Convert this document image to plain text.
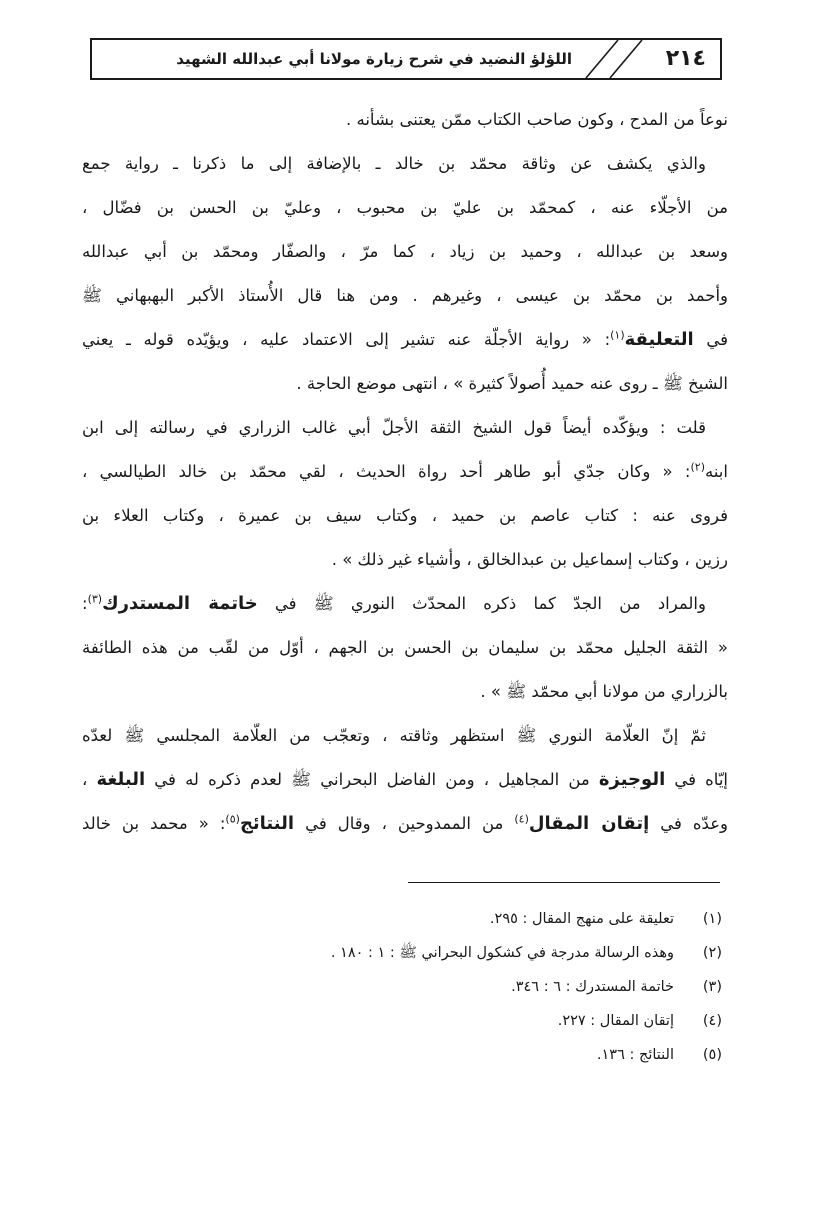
٢١٤
اللؤلؤ النضيد في شرح زيارة مولانا أبي عبدالله الشهيد
نوعاً من المدح ، وكون صاحب الكتاب ممّن يعتنى بشأنه .
والذي يكشف عن وثاقة محمّد بن خالد ـ بالإضافة إلى ما ذكرنا ـ رواية جمع
من الأجلّاء عنه ، كمحمّد بن عليّ بن محبوب ، وعليّ بن الحسن بن فضّال ،
وسعد بن عبدالله ، وحميد بن زياد ، كما مرّ ، والصفّار ومحمّد بن أبي عبدالله
وأحمد بن محمّد بن عيسى ، وغيرهم . ومن هنا قال الأُستاذ الأكبر البهبهاني ﷺ
في التعليقة$^{(١)}$: « رواية الأجلّة عنه تشير إلى الاعتماد عليه ، ويؤيّده قوله ـ يعني
الشيخ ﷺ ـ روى عنه حميد أُصولاً كثيرة » ، انتهى موضع الحاجة .
قلت : ويؤكّده أيضاً قول الشيخ الثقة الأجلّ أبي غالب الزراري في رسالته إلى ابن
ابنه$^{(٢)}$: « وكان جدّي أبو طاهر أحد رواة الحديث ، لقي محمّد بن خالد الطيالسي ،
فروى عنه : كتاب عاصم بن حميد ، وكتاب سيف بن عميرة ، وكتاب العلاء بن
رزين ، وكتاب إسماعيل بن عبدالخالق ، وأشياء غير ذلك » .
والمراد من الجدّ كما ذكره المحدّث النوري ﷺ في خاتمة المستدرك$^{(٣)}$:
« الثقة الجليل محمّد بن سليمان بن الحسن بن الجهم ، أوّل من لقّب من هذه الطائفة
بالزراري من مولانا أبي محمّد ﷺ » .
ثمّ إنّ العلّامة النوري ﷺ استظهر وثاقته ، وتعجّب من العلّامة المجلسي ﷺ لعدّه
إيّاه في الوجيزة من المجاهيل ، ومن الفاضل البحراني ﷺ لعدم ذكره له في البلغة ،
وعدّه في إتقان المقال$^{(٤)}$ من الممدوحين ، وقال في النتائج$^{(٥)}$: « محمد بن خالد
(١)تعليقة على منهج المقال : ٢٩٥.
(٢)وهذه الرسالة مدرجة في كشكول البحراني ﷺ : ١ : ١٨٠ .
(٣)خاتمة المستدرك : ٦ : ٣٤٦.
(٤)إتقان المقال : ٢٢٧.
(٥)النتائج : ١٣٦.
